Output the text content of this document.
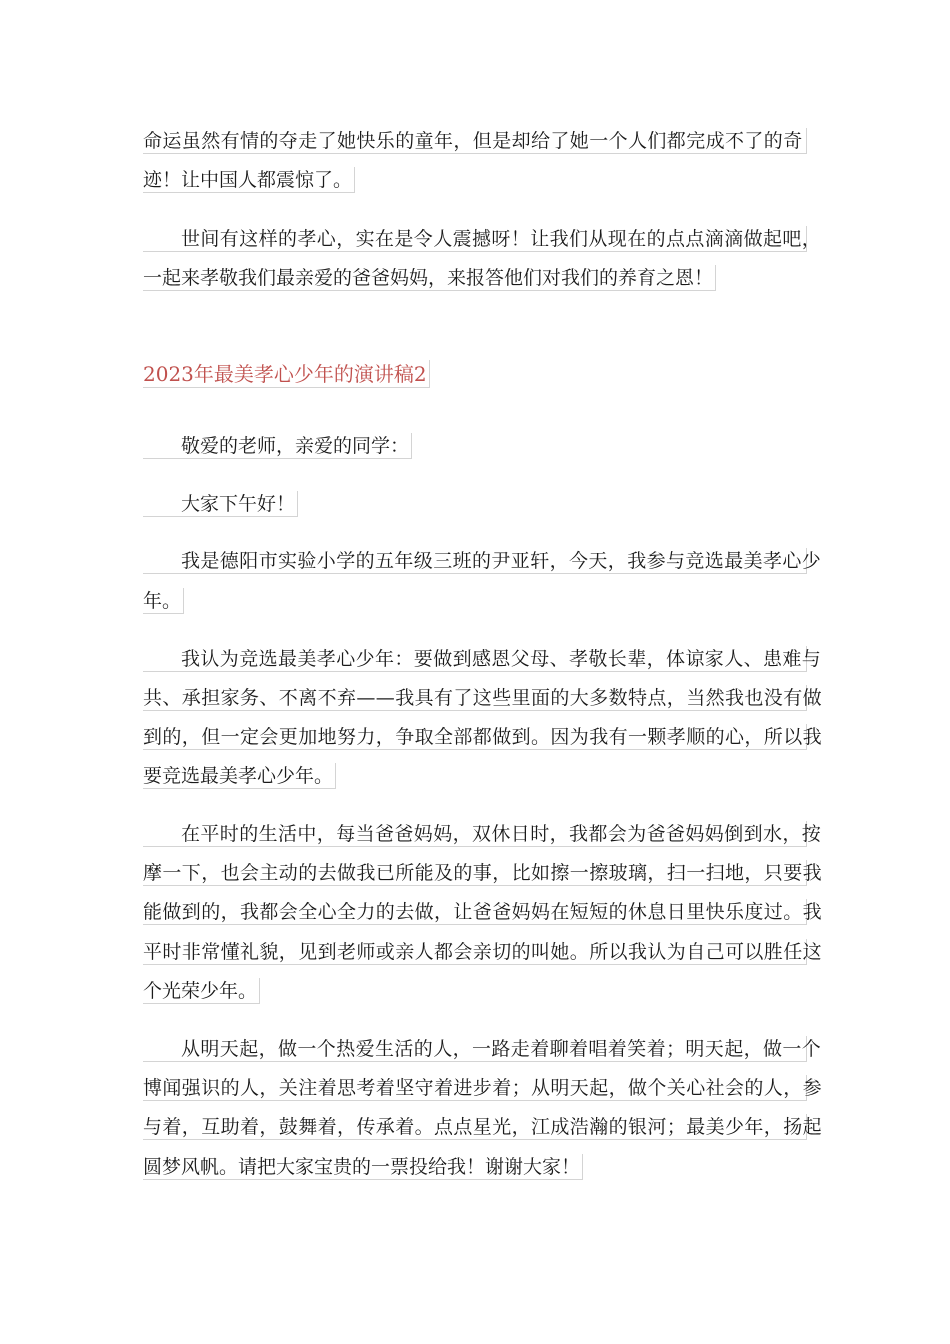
命运虽然有情的夺走了她快乐的童年，但是却给了她一个人们都完成不了的奇
迹！让中国人都震惊了。
世间有这样的孝心，实在是令人震撼呀！让我们从现在的点点滴滴做起吧，
一起来孝敬我们最亲爱的爸爸妈妈，来报答他们对我们的养育之恩！
2023年最美孝心少年的演讲稿2
敬爱的老师，亲爱的同学：
大家下午好！
我是德阳市实验小学的五年级三班的尹亚轩，今天，我参与竞选最美孝心少
年。
我认为竞选最美孝心少年：要做到感恩父母、孝敬长辈，体谅家人、患难与
共、承担家务、不离不弃——我具有了这些里面的大多数特点，当然我也没有做
到的，但一定会更加地努力，争取全部都做到。因为我有一颗孝顺的心，所以我
要竞选最美孝心少年。
在平时的生活中，每当爸爸妈妈，双休日时，我都会为爸爸妈妈倒到水，按
摩一下，也会主动的去做我已所能及的事，比如擦一擦玻璃，扫一扫地，只要我
能做到的，我都会全心全力的去做，让爸爸妈妈在短短的休息日里快乐度过。我
平时非常懂礼貌，见到老师或亲人都会亲切的叫她。所以我认为自己可以胜任这
个光荣少年。
从明天起，做一个热爱生活的人，一路走着聊着唱着笑着；明天起，做一个
博闻强识的人，关注着思考着坚守着进步着；从明天起，做个关心社会的人，参
与着，互助着，鼓舞着，传承着。点点星光，江成浩瀚的银河；最美少年，扬起
圆梦风帆。请把大家宝贵的一票投给我！谢谢大家！
